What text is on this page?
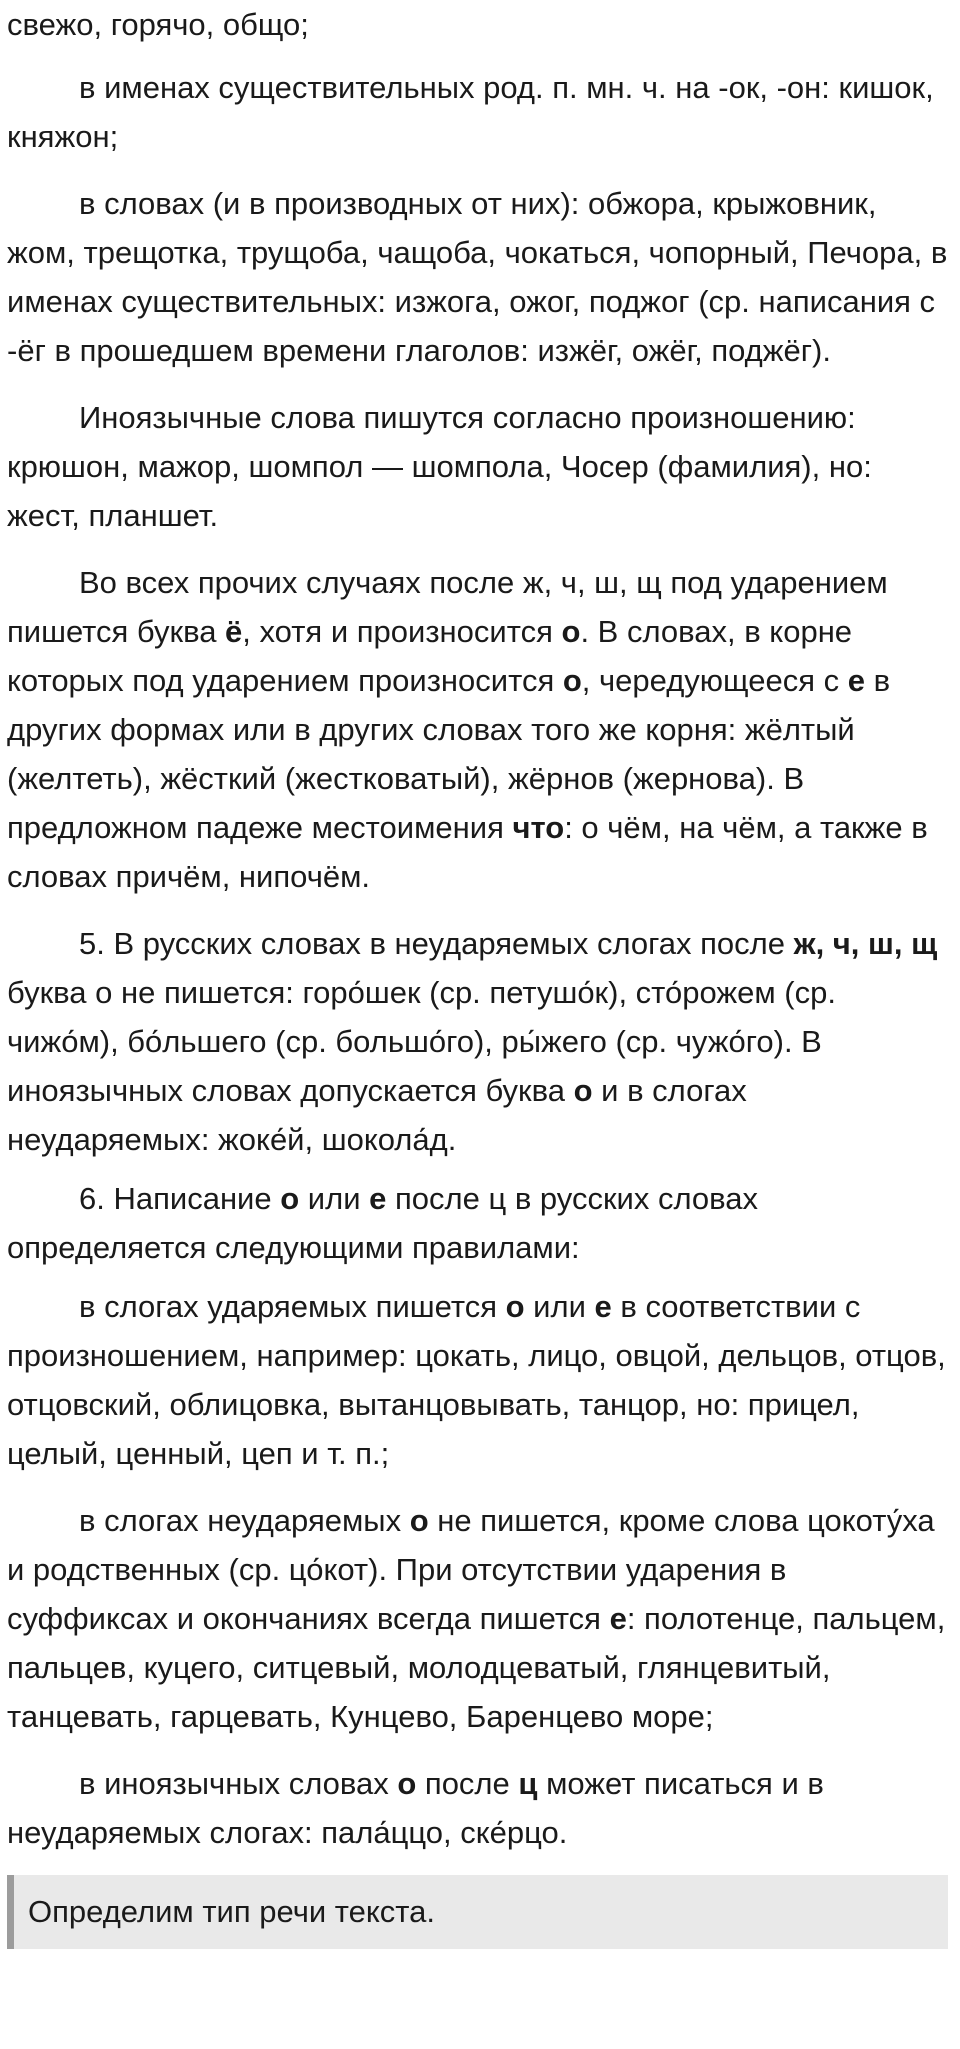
свежо, горячо, общо;

в именах существительных род. п. мн. ч. на -ок, -он: кишок, княжон;

в словах (и в производных от них): обжора, крыжовник, жом, трещотка, трущоба, чащоба, чокаться, чопорный, Печора, в именах существительных: изжога, ожог, поджог (ср. написания с -ёг в прошедшем времени глаголов: изжёг, ожёг, поджёг).

Иноязычные слова пишутся согласно произношению: крюшон, мажор, шомпол — шомпола, Чосер (фамилия), но: жест, планшет.

Во всех прочих случаях после ж, ч, ш, щ под ударением пишется буква ё, хотя и произносится о. В словах, в корне которых под ударением произносится о, чередующееся с е в других формах или в других словах того же корня: жёлтый (желтеть), жёсткий (жестковатый), жёрнов (жернова). В предложном падеже местоимения что: о чём, на чём, а также в словах причём, нипочём.

5. В русских словах в неударяемых слогах после ж, ч, ш, щ буква о не пишется: горо́шек (ср. петушо́к), сто́рожем (ср. чижо́м), бо́льшего (ср. большо́го), ры́жего (ср. чужо́го). В иноязычных словах допускается буква о и в слогах неударяемых: жоке́й, шокола́д.

6. Написание о или е после ц в русских словах определяется следующими правилами:

в слогах ударяемых пишется о или е в соответствии с произношением, например: цокать, лицо, овцой, дельцов, отцов, отцовский, облицовка, вытанцовывать, танцор, но: прицел, целый, ценный, цеп и т. п.;

в слогах неударяемых о не пишется, кроме слова цокоту́ха и родственных (ср. цо́кот). При отсутствии ударения в суффиксах и окончаниях всегда пишется е: полотенце, пальцем, пальцев, куцего, ситцевый, молодцеватый, глянцевитый, танцевать, гарцевать, Кунцево, Баренцево море;

в иноязычных словах о после ц может писаться и в неударяемых слогах: пала́ццо, ске́рцо.

Определим тип речи текста.
